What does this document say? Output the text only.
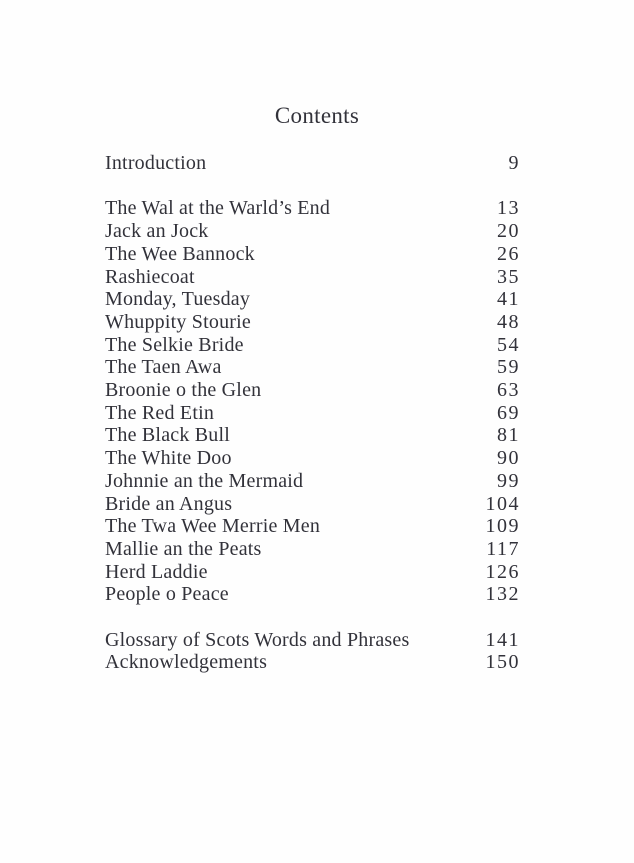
Contents
Introduction	9
The Wal at the Warld’s End	13
Jack an Jock	20
The Wee Bannock	26
Rashiecoat	35
Monday, Tuesday	41
Whuppity Stourie	48
The Selkie Bride	54
The Taen Awa	59
Broonie o the Glen	63
The Red Etin	69
The Black Bull	81
The White Doo	90
Johnnie an the Mermaid	99
Bride an Angus	104
The Twa Wee Merrie Men	109
Mallie an the Peats	117
Herd Laddie	126
People o Peace	132
Glossary of Scots Words and Phrases	141
Acknowledgements	150
